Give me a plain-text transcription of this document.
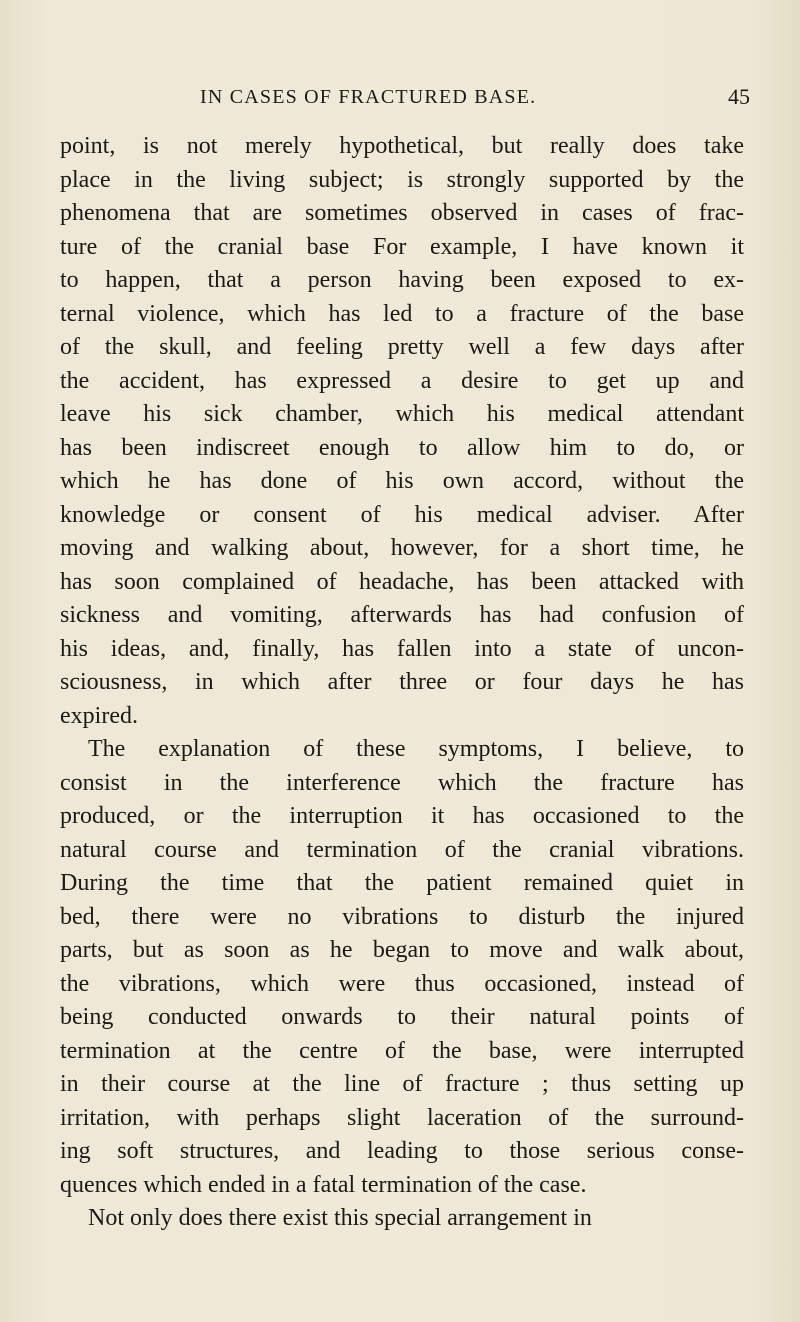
IN CASES OF FRACTURED BASE.	45
point, is not merely hypothetical, but really does take
place in the living subject; is strongly supported by the
phenomena that are sometimes observed in cases of frac-
ture of the cranial base For example, I have known it
to happen, that a person having been exposed to ex-
ternal violence, which has led to a fracture of the base
of the skull, and feeling pretty well a few days after
the accident, has expressed a desire to get up and
leave his sick chamber, which his medical attendant
has been indiscreet enough to allow him to do, or
which he has done of his own accord, without the
knowledge or consent of his medical adviser. After
moving and walking about, however, for a short time, he
has soon complained of headache, has been attacked with
sickness and vomiting, afterwards has had confusion of
his ideas, and, finally, has fallen into a state of uncon-
sciousness, in which after three or four days he has
expired.
The explanation of these symptoms, I believe, to
consist in the interference which the fracture has
produced, or the interruption it has occasioned to the
natural course and termination of the cranial vibrations.
During the time that the patient remained quiet in
bed, there were no vibrations to disturb the injured
parts, but as soon as he began to move and walk about,
the vibrations, which were thus occasioned, instead of
being conducted onwards to their natural points of
termination at the centre of the base, were interrupted
in their course at the line of fracture ; thus setting up
irritation, with perhaps slight laceration of the surround-
ing soft structures, and leading to those serious conse-
quences which ended in a fatal termination of the case.
Not only does there exist this special arrangement in
